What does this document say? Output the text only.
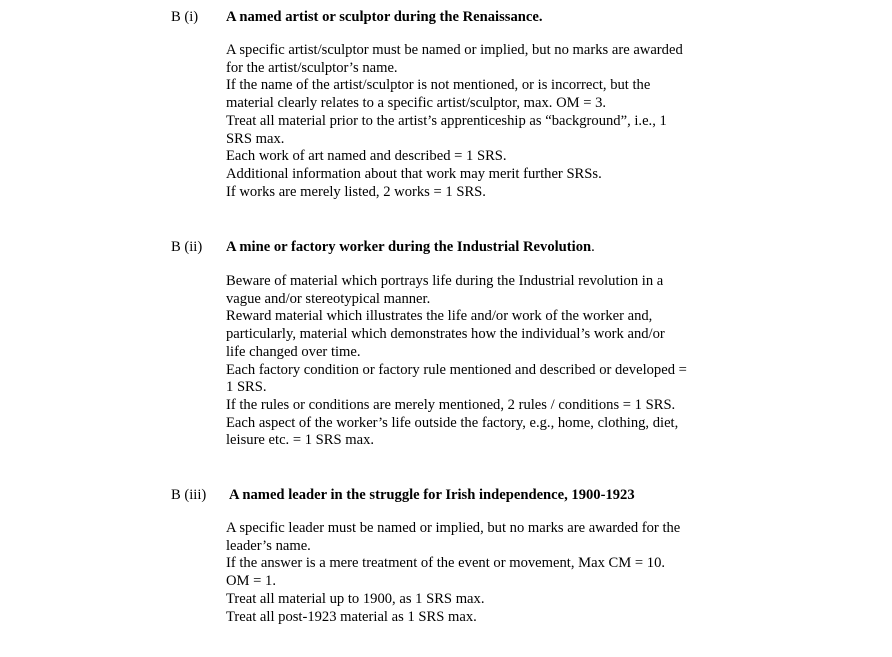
B (i)	A named artist or sculptor during the Renaissance.

A specific artist/sculptor must be named or implied, but no marks are awarded

for the artist/sculptor’s name.

If the name of the artist/sculptor is not mentioned, or is incorrect, but the

material clearly relates to a specific artist/sculptor, max. OM = 3.

Treat all material prior to the artist’s apprenticeship as “background”, i.e., 1

SRS max.

Each work of art named and described = 1 SRS.

Additional information about that work may merit further SRSs.

If works are merely listed, 2 works = 1 SRS.

B (ii)	A mine or factory worker during the Industrial Revolution .

Beware of material which portrays life during the Industrial revolution in a

vague and/or stereotypical manner.

Reward material which illustrates the life and/or work of the worker and,

particularly, material which demonstrates how the individual’s work and/or

life changed over time.

Each factory condition or factory rule mentioned and described or developed =

1 SRS.

If the rules or conditions are merely mentioned, 2 rules / conditions = 1 SRS.

Each aspect of the worker’s life outside the factory, e.g., home, clothing, diet,

leisure etc. = 1 SRS max.

B (iii)	A named leader in the struggle for Irish independence, 1900-1923

A specific leader must be named or implied, but no marks are awarded for the

leader’s name.

If the answer is a mere treatment of the event or movement, Max CM = 10.

OM = 1.

Treat all material up to 1900, as 1 SRS max.

Treat all post-1923 material as 1 SRS max.
